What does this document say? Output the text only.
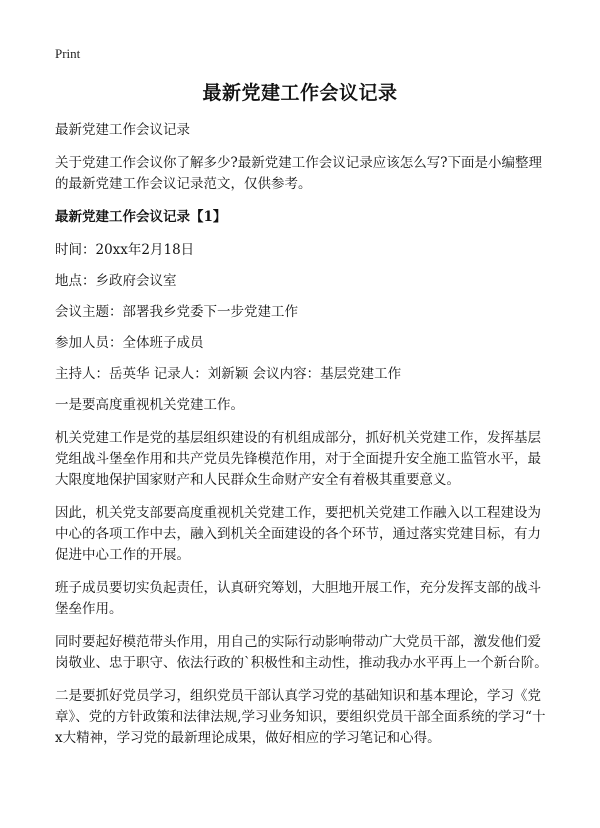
Print
最新党建工作会议记录

最新党建工作会议记录

关于党建工作会议你了解多少?最新党建工作会议记录应该怎么写?下面是小编整理的最新党建工作会议记录范文，仅供参考。

最新党建工作会议记录【1】

时间：20xx年2月18日

地点：乡政府会议室

会议主题：部署我乡党委下一步党建工作

参加人员：全体班子成员

主持人：岳英华 记录人：刘新颖 会议内容：基层党建工作

一是要高度重视机关党建工作。

机关党建工作是党的基层组织建设的有机组成部分，抓好机关党建工作，发挥基层党组战斗堡垒作用和共产党员先锋模范作用，对于全面提升安全施工监管水平，最大限度地保护国家财产和人民群众生命财产安全有着极其重要意义。

因此，机关党支部要高度重视机关党建工作，要把机关党建工作融入以工程建设为中心的各项工作中去，融入到机关全面建设的各个环节，通过落实党建目标，有力促进中心工作的开展。

班子成员要切实负起责任，认真研究筹划，大胆地开展工作，充分发挥支部的战斗堡垒作用。

同时要起好模范带头作用，用自己的实际行动影响带动广大党员干部，激发他们爱岗敬业、忠于职守、依法行政的`积极性和主动性，推动我办水平再上一个新台阶。

二是要抓好党员学习，组织党员干部认真学习党的基础知识和基本理论，学习《党章》、党的方针政策和法律法规,学习业务知识，要组织党员干部全面系统的学习“十x大精神，学习党的最新理论成果，做好相应的学习笔记和心得。
